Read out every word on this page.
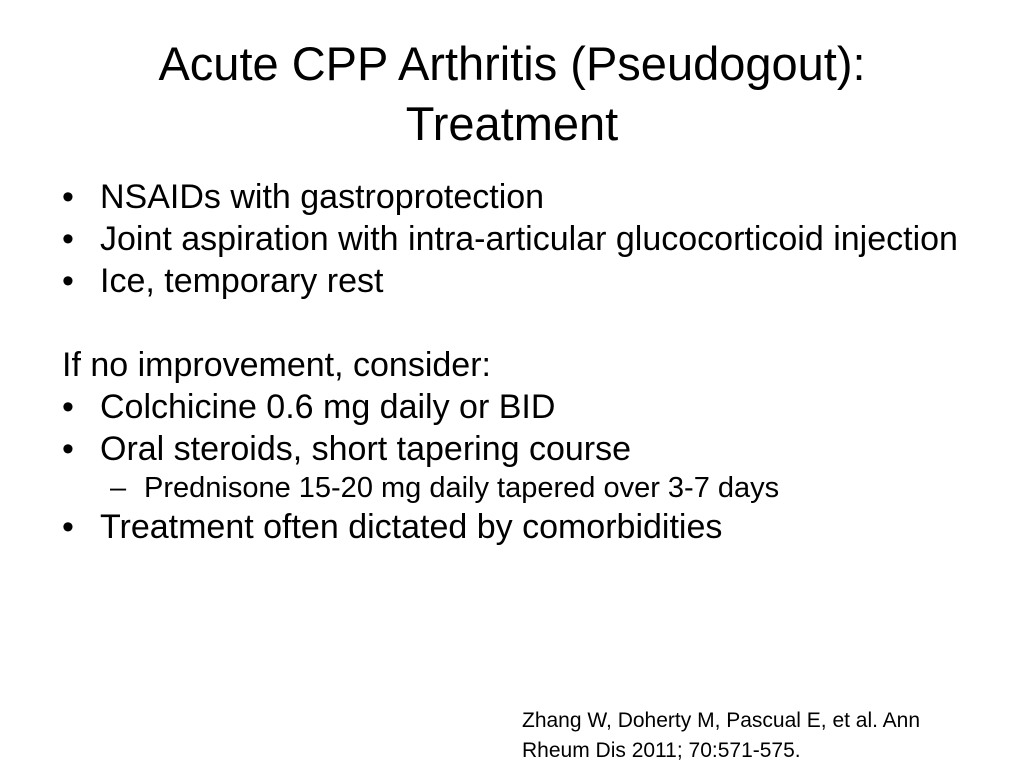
Acute CPP Arthritis (Pseudogout):
Treatment
• NSAIDs with gastroprotection
• Joint aspiration with intra-articular glucocorticoid injection
• Ice, temporary rest
If no improvement, consider:
• Colchicine 0.6 mg daily or BID
• Oral steroids, short tapering course
– Prednisone 15-20 mg daily tapered over 3-7 days
• Treatment often dictated by comorbidities
Zhang W, Doherty M, Pascual E, et al. Ann
Rheum Dis 2011; 70:571-575.
